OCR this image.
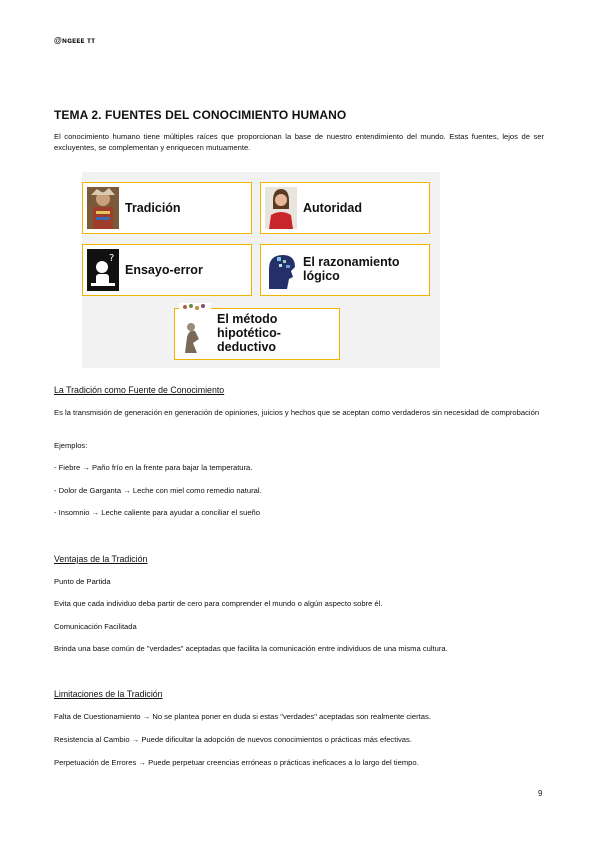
@ɴɢᴇᴇᴇ ᴛᴛ
TEMA 2. FUENTES DEL CONOCIMIENTO HUMANO
El conocimiento humano tiene múltiples raíces que proporcionan la base de nuestro entendimiento del mundo. Estas fuentes, lejos de ser excluyentes, se complementan y enriquecen mutuamente.
Tradición	Autoridad
?
Ensayo-error
El razonamiento
lógico
El método
hipotético-
deductivo
La Tradición como Fuente de Conocimiento
Es la transmisión de generación en generación de opiniones, juicios y hechos que se aceptan como verdaderos sin necesidad de comprobación
Ejemplos:
- Fiebre → Paño frío en la frente para bajar la temperatura.
- Dolor de Garganta → Leche con miel como remedio natural.
- Insomnio → Leche caliente para ayudar a conciliar el sueño
Ventajas de la Tradición
Punto de Partida
Evita que cada individuo deba partir de cero para comprender el mundo o algún aspecto sobre él.
Comunicación Facilitada
Brinda una base común de "verdades" aceptadas que facilita la comunicación entre individuos de una misma cultura.
Limitaciones de la Tradición
Falta de Cuestionamiento → No se plantea poner en duda si estas "verdades" aceptadas son realmente ciertas.
Resistencia al Cambio → Puede dificultar la adopción de nuevos conocimientos o prácticas más efectivas.
Perpetuación de Errores → Puede perpetuar creencias erróneas o prácticas ineficaces a lo largo del tiempo.
9
